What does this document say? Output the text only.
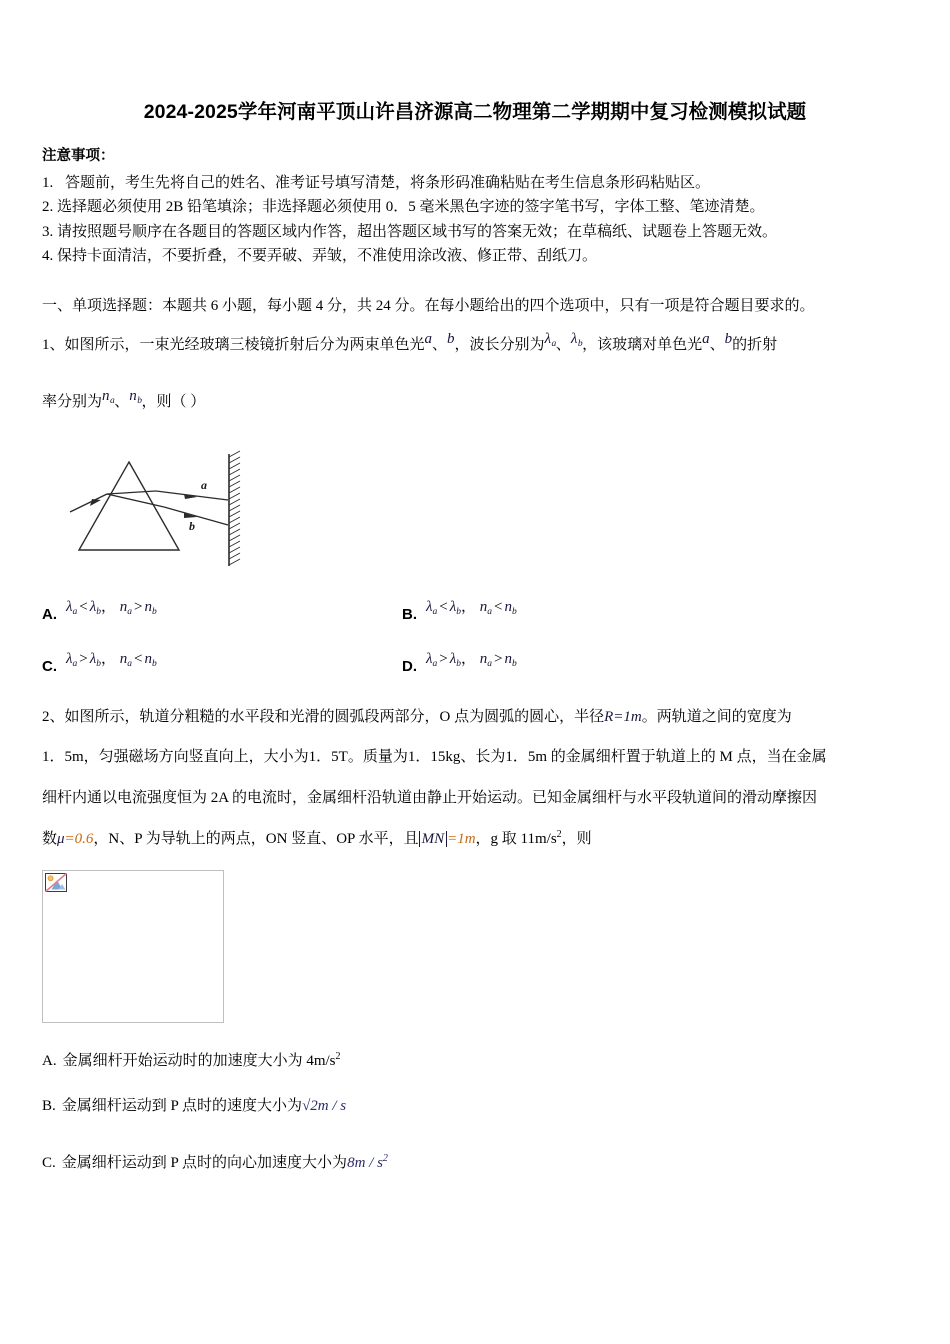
2024-2025学年河南平顶山许昌济源高二物理第二学期期中复习检测模拟试题

注意事项：

1. 答题前，考生先将自己的姓名、准考证号填写清楚，将条形码准确粘贴在考生信息条形码粘贴区。

2. 选择题必须使用 2B 铅笔填涂；非选择题必须使用 0．5 毫米黑色字迹的签字笔书写，字体工整、笔迹清楚。

3. 请按照题号顺序在各题目的答题区域内作答，超出答题区域书写的答案无效；在草稿纸、试题卷上答题无效。

4. 保持卡面清洁，不要折叠，不要弄破、弄皱，不准使用涂改液、修正带、刮纸刀。

一、单项选择题：本题共 6 小题，每小题 4 分，共 24 分。在每小题给出的四个选项中，只有一项是符合题目要求的。

1、如图所示，一束光经玻璃三棱镜折射后分为两束单色光a、b，波长分别为$\lambda_a$、$\lambda_b$，该玻璃对单色光a、b的折射

率分别为$n_a$、$n_b$，则（ ）

a
b
A. $\lambda_a < \lambda_b$， $n_a > n_b$	B. $\lambda_a < \lambda_b$， $n_a < n_b$
C. $\lambda_a > \lambda_b$， $n_a < n_b$	D. $\lambda_a > \lambda_b$， $n_a > n_b$

2、如图所示，轨道分粗糙的水平段和光滑的圆弧段两部分，O 点为圆弧的圆心，半径R=1m。两轨道之间的宽度为

1．5m，匀强磁场方向竖直向上，大小为1．5T。质量为1．15kg、长为1．5m 的金属细杆置于轨道上的 M 点，当在金属

细杆内通以电流强度恒为 2A 的电流时，金属细杆沿轨道由静止开始运动。已知金属细杆与水平段轨道间的滑动摩擦因

数μ=0.6，N、P 为导轨上的两点，ON 竖直、OP 水平，且 MN =1m，g 取 $11m/s^2$，则

A. 金属细杆开始运动时的加速度大小为 $4m/s^2$

B. 金属细杆运动到 P 点时的速度大小为√2m / s

C. 金属细杆运动到 P 点时的向心加速度大小为$8m / s^2$
